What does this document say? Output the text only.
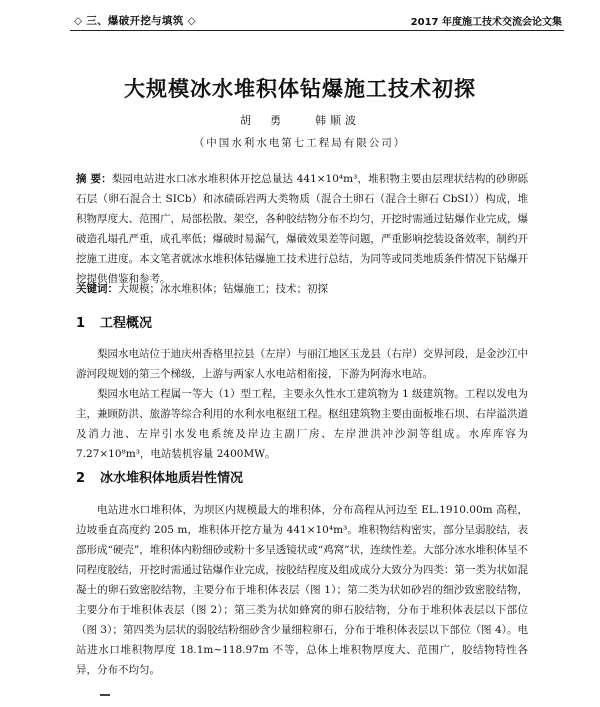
◇ 三、爆破开挖与填筑 ◇	2017 年度施工技术交流会论文集
大规模冰水堆积体钻爆施工技术初探
胡  勇    韩顺波
（中国水利水电第七工程局有限公司）
摘 要：梨园电站进水口冰水堆积体开挖总量达 441×10⁴m³，堆积物主要由层理状结构的砂卵砾石层（卵石混合土 SICb）和冰碛砾岩两大类物质（混合土卵石（混合土卵石 CbSI））构成，堆积物厚度大、范围广，局部松散、架空，各种胶结物分布不均匀，开挖时需通过钻爆作业完成，爆破造孔塌孔严重，成孔率低；爆破时易漏气，爆破效果差等问题，严重影响挖装设备效率，制约开挖施工进度。本文笔者就冰水堆积体钻爆施工技术进行总结，为同等或同类地质条件情况下钻爆开挖提供借鉴和参考。
关键词：大规模；冰水堆积体；钻爆施工；技术；初探
1 工程概况
梨园水电站位于迪庆州香格里拉县（左岸）与丽江地区玉龙县（右岸）交界河段，是金沙江中游河段规划的第三个梯级，上游与两家人水电站相衔接，下游为阿海水电站。
梨园水电站工程属一等大（1）型工程，主要永久性水工建筑物为 1 级建筑物。工程以发电为主，兼顾防洪、旅游等综合利用的水利水电枢纽工程。枢纽建筑物主要由面板堆石坝、右岸溢洪道及消力池、左岸引水发电系统及岸边主副厂房、左岸泄洪冲沙洞等组成。水库库容为 7.27×10⁸m³，电站装机容量 2400MW。
2 冰水堆积体地质岩性情况
电站进水口堆积体，为坝区内规模最大的堆积体，分布高程从河边至 EL.1910.00m 高程，边坡垂直高度约 205 m，堆积体开挖方量为 441×10⁴m³。堆积物结构密实，部分呈弱胶结，表部形成“硬壳”，堆积体内粉细砂或粉十多呈透镜状或“鸡窝”状，连续性差。大部分冰水堆积体呈不同程度胶结，开挖时需通过钻爆作业完成，按胶结程度及组成成分大致分为四类：第一类为状如混凝土的卵石致密胶结物，主要分布于堆积体表层（图 1）；第二类为状如砂岩的细沙致密胶结物，主要分布于堆积体表层（图 2）；第三类为状如蜂窝的卵石胶结物，分布于堆积体表层以下部位（图 3）；第四类为层状的弱胶结粉细砂含少量细粒卵石，分布于堆积体表层以下部位（图 4）。电站进水口堆积物厚度 18.1m~118.97m 不等，总体上堆积物厚度大、范围广，胶结物特性各异，分布不均匀。
